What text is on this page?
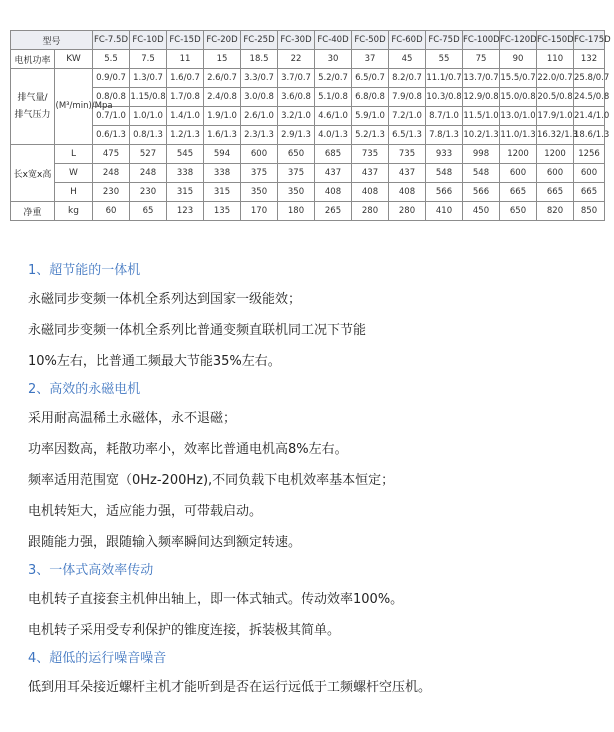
型号		FC-7.5D	FC-10D	FC-15D	FC-20D	FC-25D	FC-30D	FC-40D	FC-50D	FC-60D	FC-75D	FC-100D	FC-120D	FC-150D	FC-175D
电机功率	KW	5.5	7.5	11	15	18.5	22	30	37	45	55	75	90	110	132
排气量/排气压力	(M³/min)/Mpa	0.9/0.7	1.3/0.7	1.6/0.7	2.6/0.7	3.3/0.7	3.7/0.7	5.2/0.7	6.5/0.7	8.2/0.7	11.1/0.7	13.7/0.7	15.5/0.7	22.0/0.7	25.8/0.7
		0.8/0.8	1.15/0.8	1.7/0.8	2.4/0.8	3.0/0.8	3.6/0.8	5.1/0.8	6.8/0.8	7.9/0.8	10.3/0.8	12.9/0.8	15.0/0.8	20.5/0.8	24.5/0.8
		0.7/1.0	1.0/1.0	1.4/1.0	1.9/1.0	2.6/1.0	3.2/1.0	4.6/1.0	5.9/1.0	7.2/1.0	8.7/1.0	11.5/1.0	13.0/1.0	17.9/1.0	21.4/1.0
		0.6/1.3	0.8/1.3	1.2/1.3	1.6/1.3	2.3/1.3	2.9/1.3	4.0/1.3	5.2/1.3	6.5/1.3	7.8/1.3	10.2/1.3	11.0/1.3	16.32/1.3	18.6/1.3
长x宽x高	L	475	527	545	594	600	650	685	735	735	933	998	1200	1200	1256
	W	248	248	338	338	375	375	437	437	437	548	548	600	600	600
	H	230	230	315	315	350	350	408	408	408	566	566	665	665	665
净重	kg	60	65	123	135	170	180	265	280	280	410	450	650	820	850
1、超节能的一体机
永磁同步变频一体机全系列达到国家一级能效；
永磁同步变频一体机全系列比普通变频直联机同工况下节能
10%左右，比普通工频最大节能35%左右。
2、高效的永磁电机
采用耐高温稀土永磁体，永不退磁；
功率因数高，耗散功率小，效率比普通电机高8%左右。
频率适用范围宽（0Hz-200Hz),不同负载下电机效率基本恒定；
电机转矩大，适应能力强，可带载启动。
跟随能力强，跟随输入频率瞬间达到额定转速。
3、一体式高效率传动
电机转子直接套主机伸出轴上，即一体式轴式。传动效率100%。
电机转子采用受专利保护的锥度连接，拆装极其简单。
4、超低的运行噪音噪音
低到用耳朵接近螺杆主机才能听到是否在运行远低于工频螺杆空压机。
